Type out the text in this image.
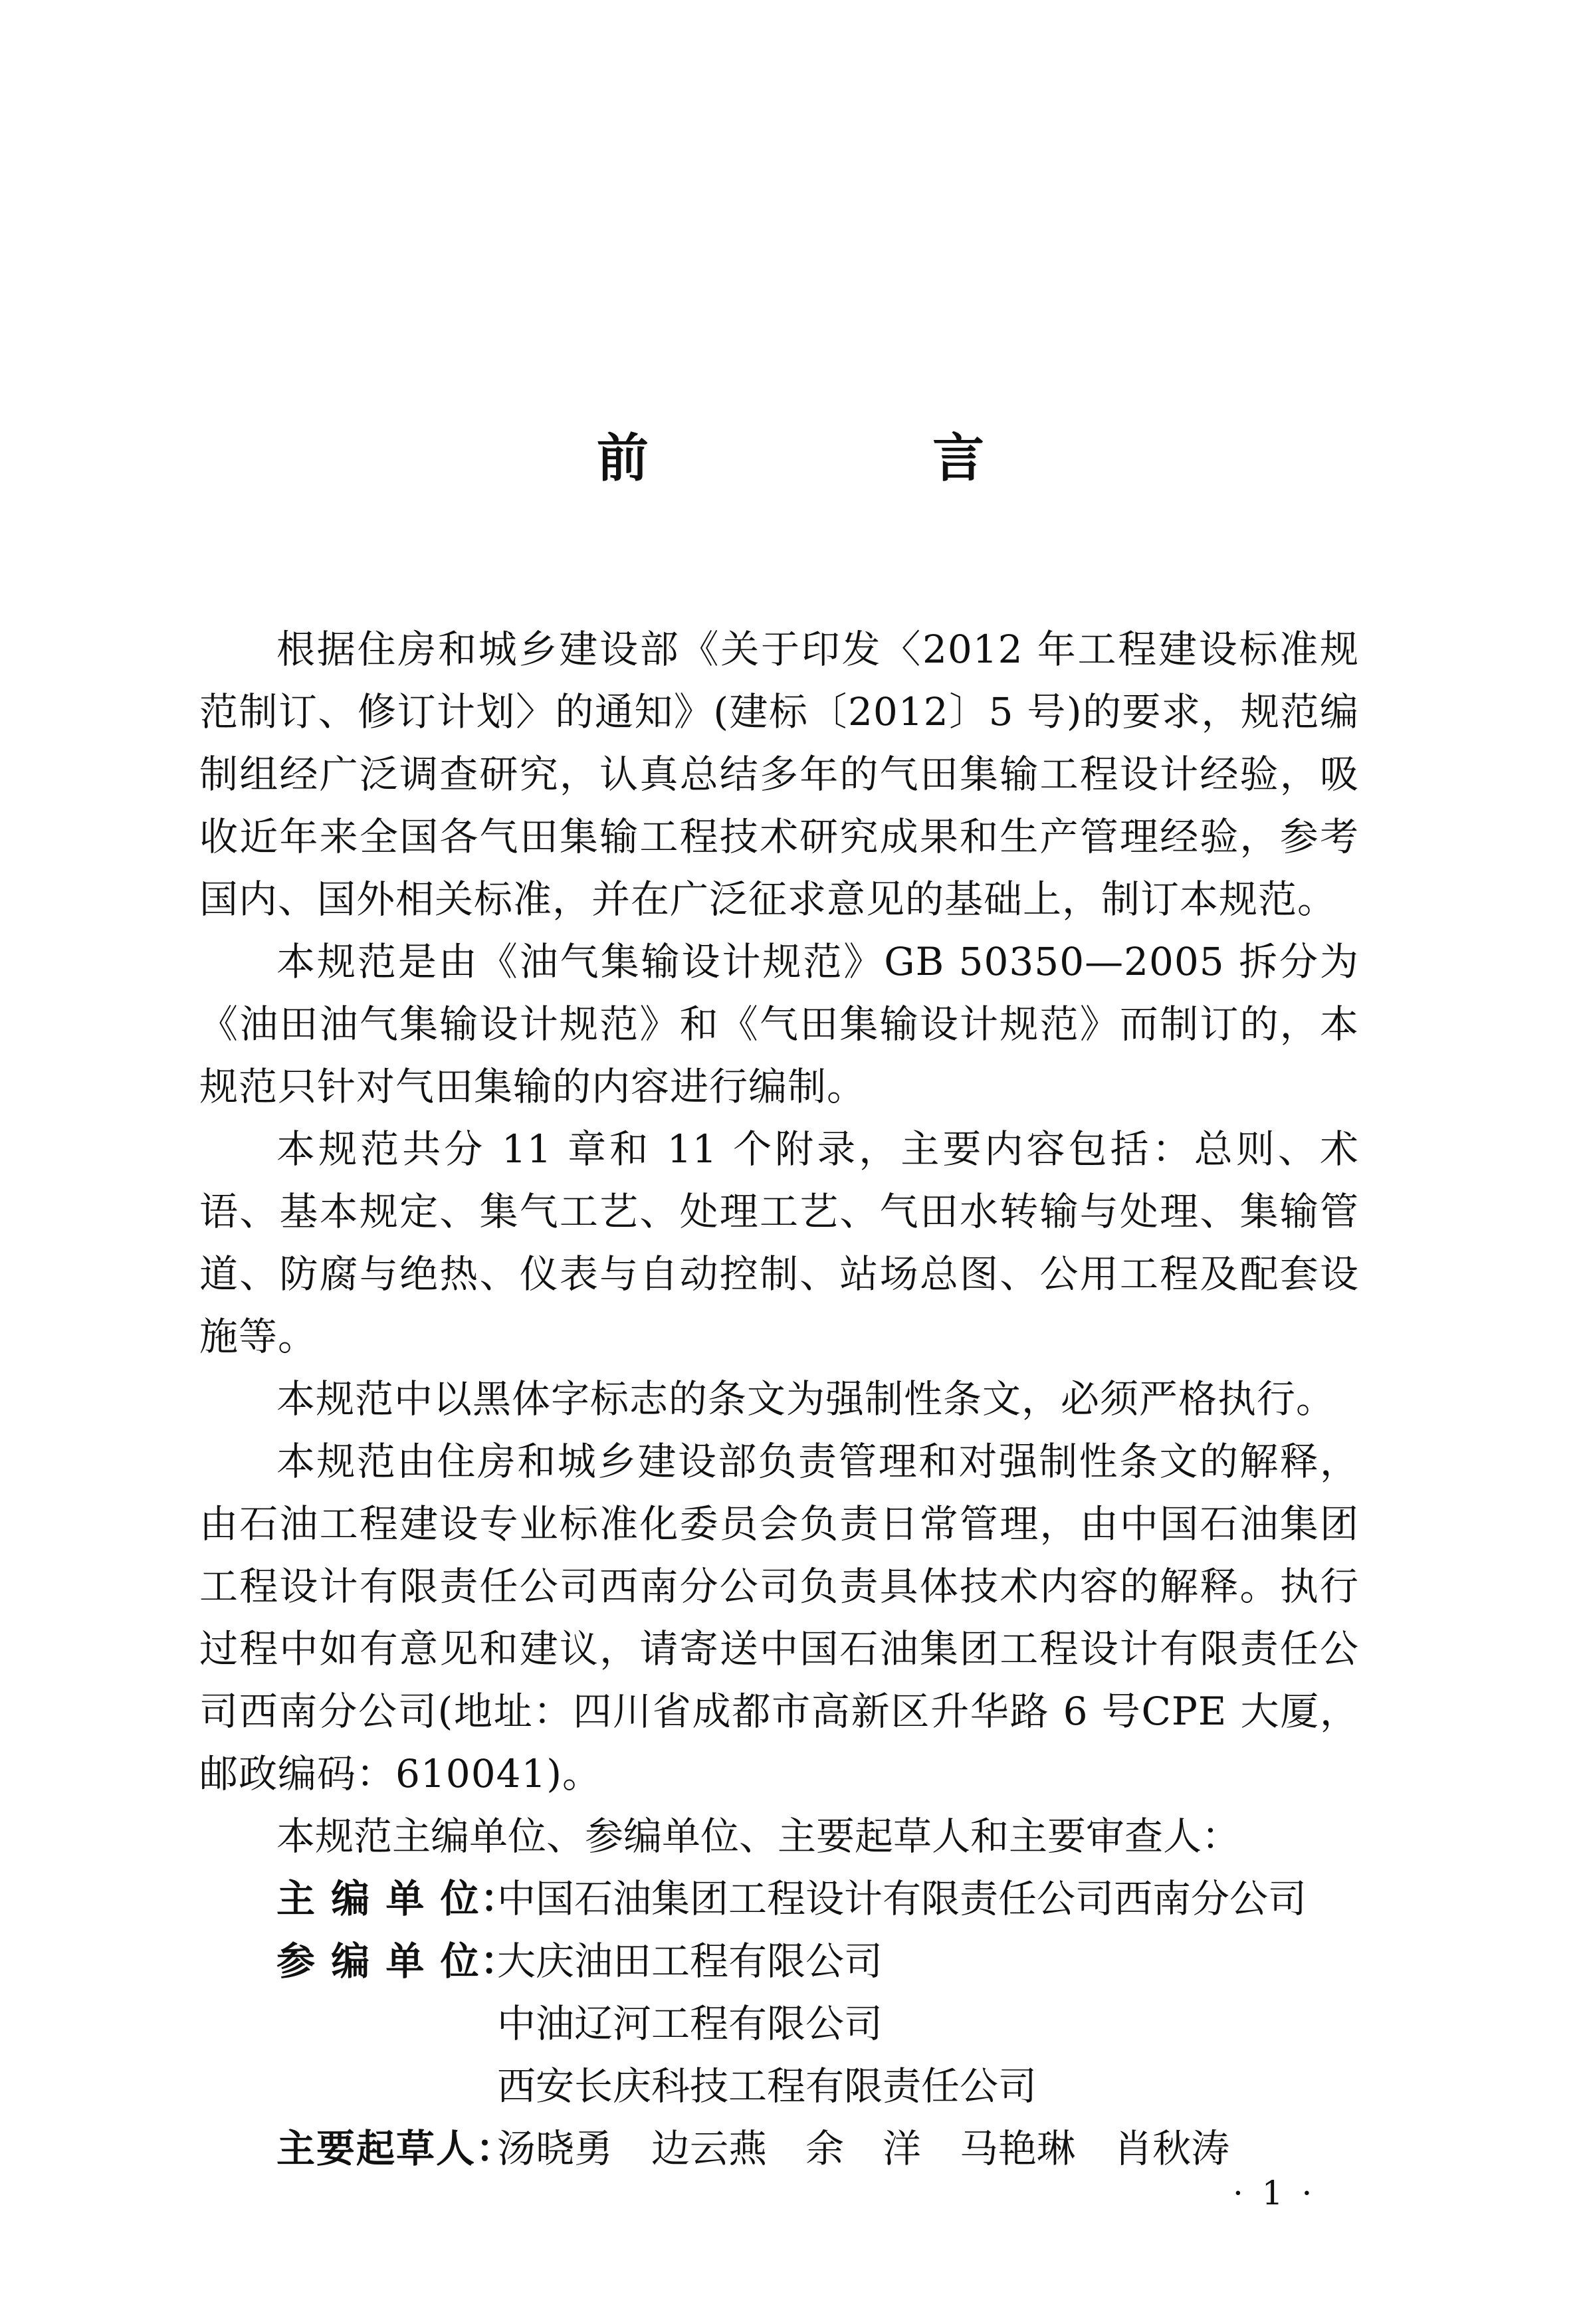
前 言

根据住房和城乡建设部《关于印发〈2012 年工程建设标准规范制订、修订计划〉的通知》(建标〔2012〕5 号)的要求，规范编制组经广泛调查研究，认真总结多年的气田集输工程设计经验，吸收近年来全国各气田集输工程技术研究成果和生产管理经验，参考国内、国外相关标准，并在广泛征求意见的基础上，制订本规范。

本规范是由《油气集输设计规范》GB 50350—2005 拆分为《油田油气集输设计规范》和《气田集输设计规范》而制订的，本规范只针对气田集输的内容进行编制。

本规范共分 11 章和 11 个附录，主要内容包括：总则、术语、基本规定、集气工艺、处理工艺、气田水转输与处理、集输管道、防腐与绝热、仪表与自动控制、站场总图、公用工程及配套设施等。

本规范中以黑体字标志的条文为强制性条文，必须严格执行。

本规范由住房和城乡建设部负责管理和对强制性条文的解释，由石油工程建设专业标准化委员会负责日常管理，由中国石油集团工程设计有限责任公司西南分公司负责具体技术内容的解释。执行过程中如有意见和建议，请寄送中国石油集团工程设计有限责任公司西南分公司(地址：四川省成都市高新区升华路 6 号CPE 大厦，邮政编码：610041)。

本规范主编单位、参编单位、主要起草人和主要审查人：

主 编 单 位：
中国石油集团工程设计有限责任公司西南分公司
参 编 单 位：
大庆油田工程有限公司
中油辽河工程有限公司
西安长庆科技工程有限责任公司
主要起草人：
汤晓勇 边云燕 余　洋 马艳琳 肖秋涛
· 1 ·
